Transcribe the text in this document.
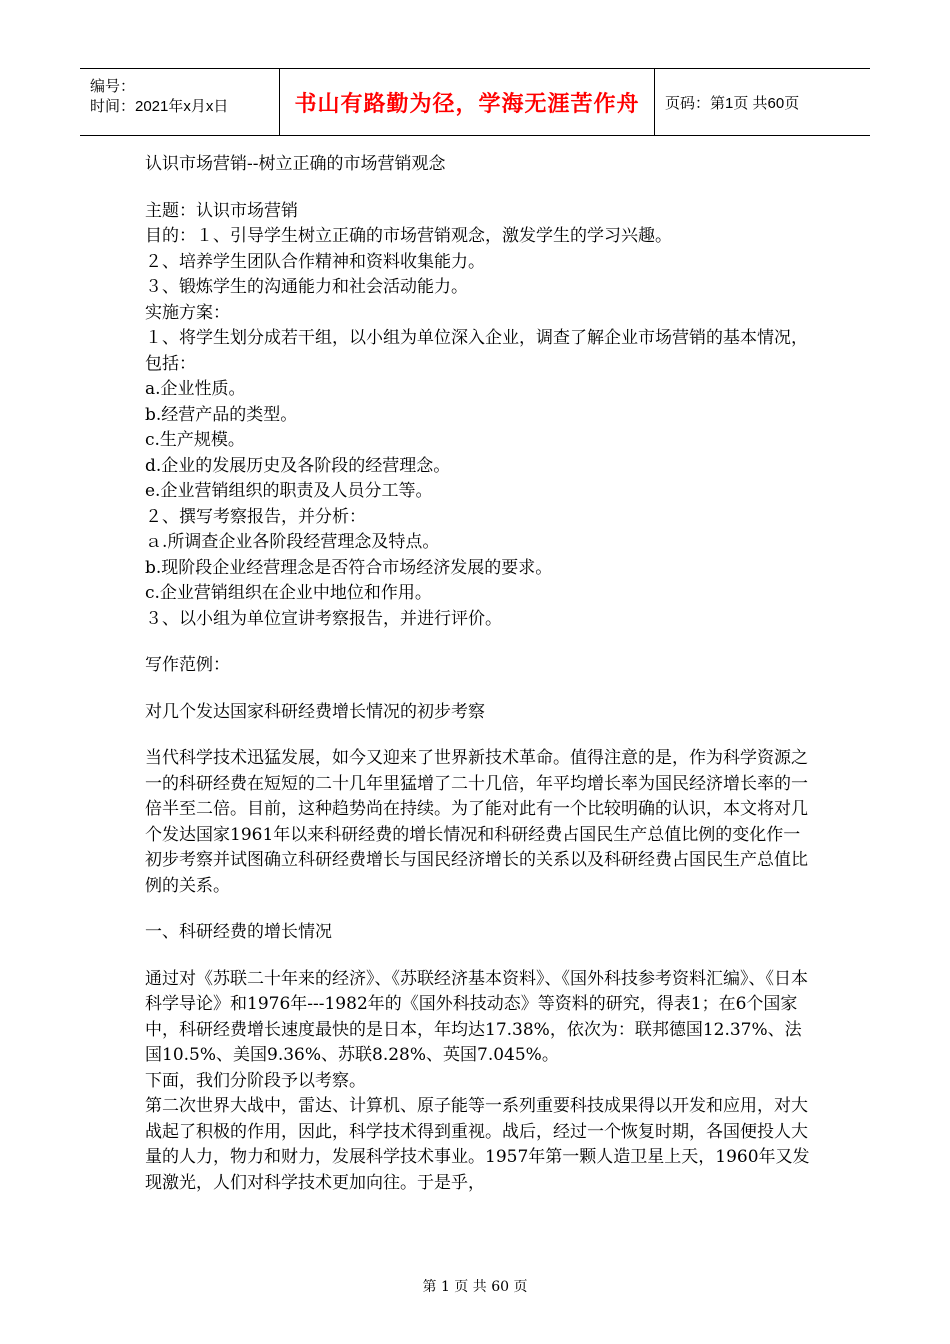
编号：
时间：2021年x月x日	书山有路勤为径，学海无涯苦作舟	页码：第1页 共60页

认识市场营销--树立正确的市场营销观念

主题：认识市场营销

目的：１、引导学生树立正确的市场营销观念，激发学生的学习兴趣。

２、培养学生团队合作精神和资料收集能力。

３、锻炼学生的沟通能力和社会活动能力。

实施方案：

１、将学生划分成若干组，以小组为单位深入企业，调查了解企业市场营销的基本情况，包括：

a.企业性质。

b.经营产品的类型。

c.生产规模。

d.企业的发展历史及各阶段的经营理念。

e.企业营销组织的职责及人员分工等。

２、撰写考察报告，并分析：

ａ.所调查企业各阶段经营理念及特点。

b.现阶段企业经营理念是否符合市场经济发展的要求。

c.企业营销组织在企业中地位和作用。

３、以小组为单位宣讲考察报告，并进行评价。

写作范例：

对几个发达国家科研经费增长情况的初步考察

当代科学技术迅猛发展，如今又迎来了世界新技术革命。值得注意的是，作为科学资源之一的科研经费在短短的二十几年里猛增了二十几倍，年平均增长率为国民经济增长率的一倍半至二倍。目前，这种趋势尚在持续。为了能对此有一个比较明确的认识，本文将对几个发达国家1961年以来科研经费的增长情况和科研经费占国民生产总值比例的变化作一初步考察并试图确立科研经费增长与国民经济增长的关系以及科研经费占国民生产总值比例的关系。

一、科研经费的增长情况

通过对《苏联二十年来的经济》、《苏联经济基本资料》、《国外科技参考资料汇编》、《日本科学导论》和1976年---1982年的《国外科技动态》等资料的研究，得表1；在6个国家中，科研经费增长速度最快的是日本，年均达17.38%，依次为：联邦德国12.37%、法国10.5%、美国9.36%、苏联8.28%、英国7.045%。

下面，我们分阶段予以考察。

第二次世界大战中，雷达、计算机、原子能等一系列重要科技成果得以开发和应用，对大战起了积极的作用，因此，科学技术得到重视。战后，经过一个恢复时期，各国便投人大量的人力，物力和财力，发展科学技术事业。1957年第一颗人造卫星上天，1960年又发现激光，人们对科学技术更加向往。于是乎，

第 1 页 共 60 页
